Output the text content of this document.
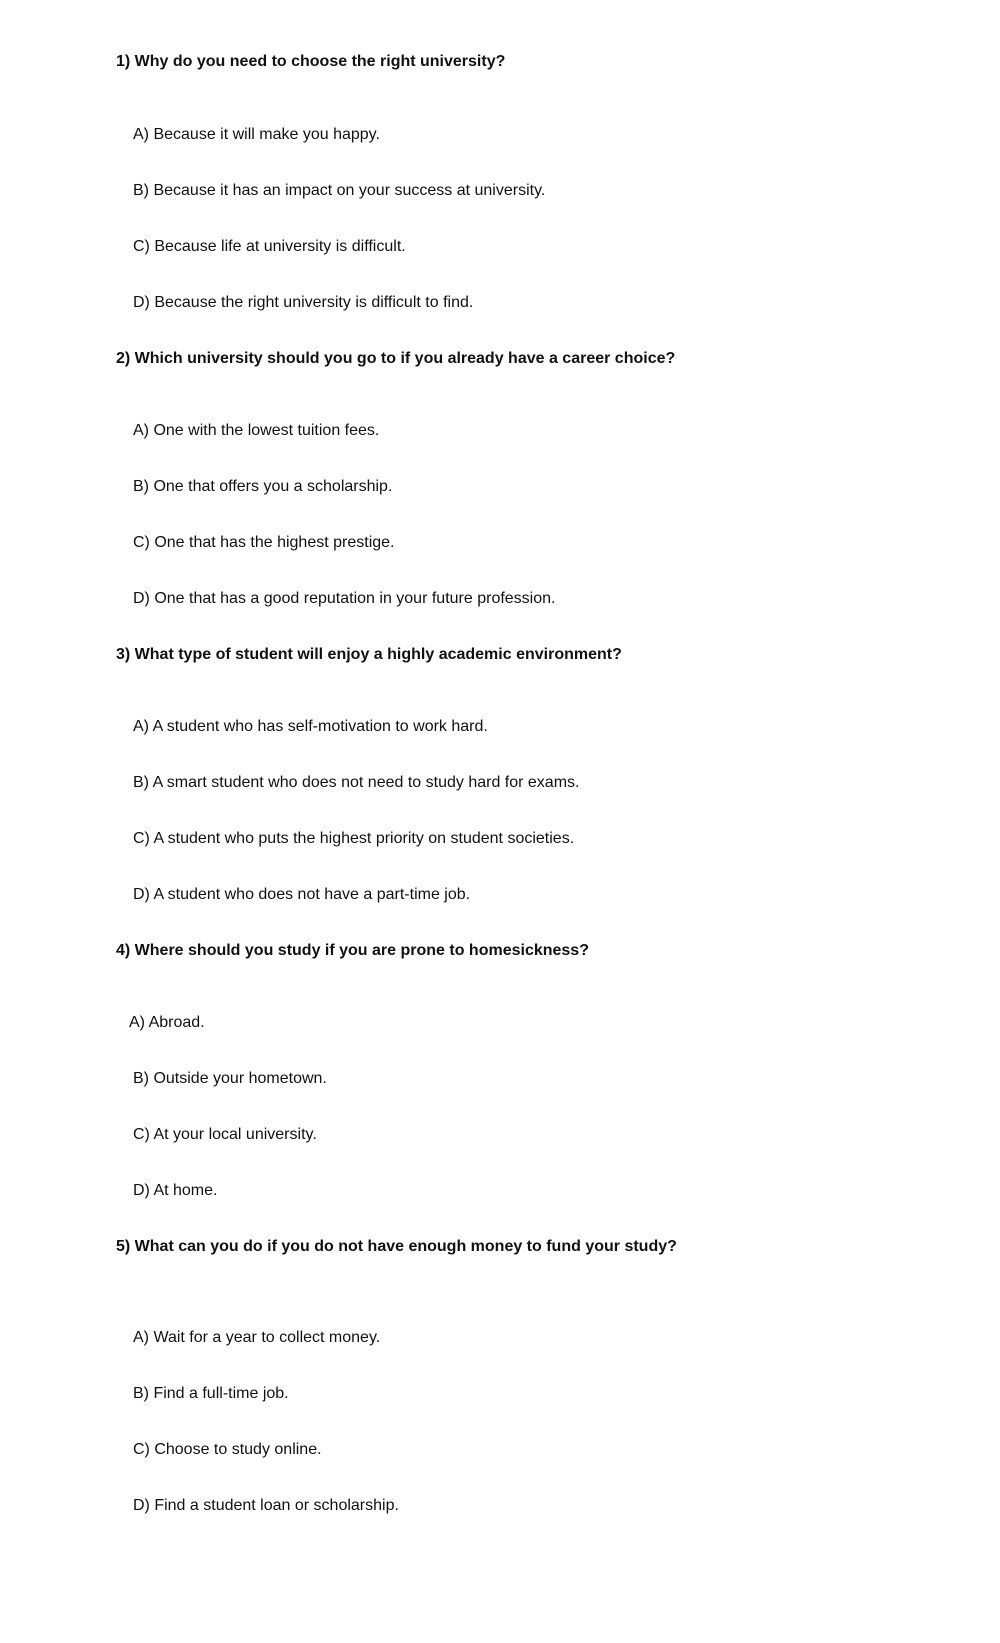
1) Why do you need to choose the right university?
A) Because it will make you happy.
B) Because it has an impact on your success at university.
C) Because life at university is difficult.
D) Because the right university is difficult to find.
2) Which university should you go to if you already have a career choice?
A) One with the lowest tuition fees.
B) One that offers you a scholarship.
C) One that has the highest prestige.
D) One that has a good reputation in your future profession.
3) What type of student will enjoy a highly academic environment?
A) A student who has self-motivation to work hard.
B) A smart student who does not need to study hard for exams.
C) A student who puts the highest priority on student societies.
D) A student who does not have a part-time job.
4) Where should you study if you are prone to homesickness?
A) Abroad.
B) Outside your hometown.
C) At your local university.
D) At home.
5) What can you do if you do not have enough money to fund your study?
A) Wait for a year to collect money.
B) Find a full-time job.
C) Choose to study online.
D) Find a student loan or scholarship.
